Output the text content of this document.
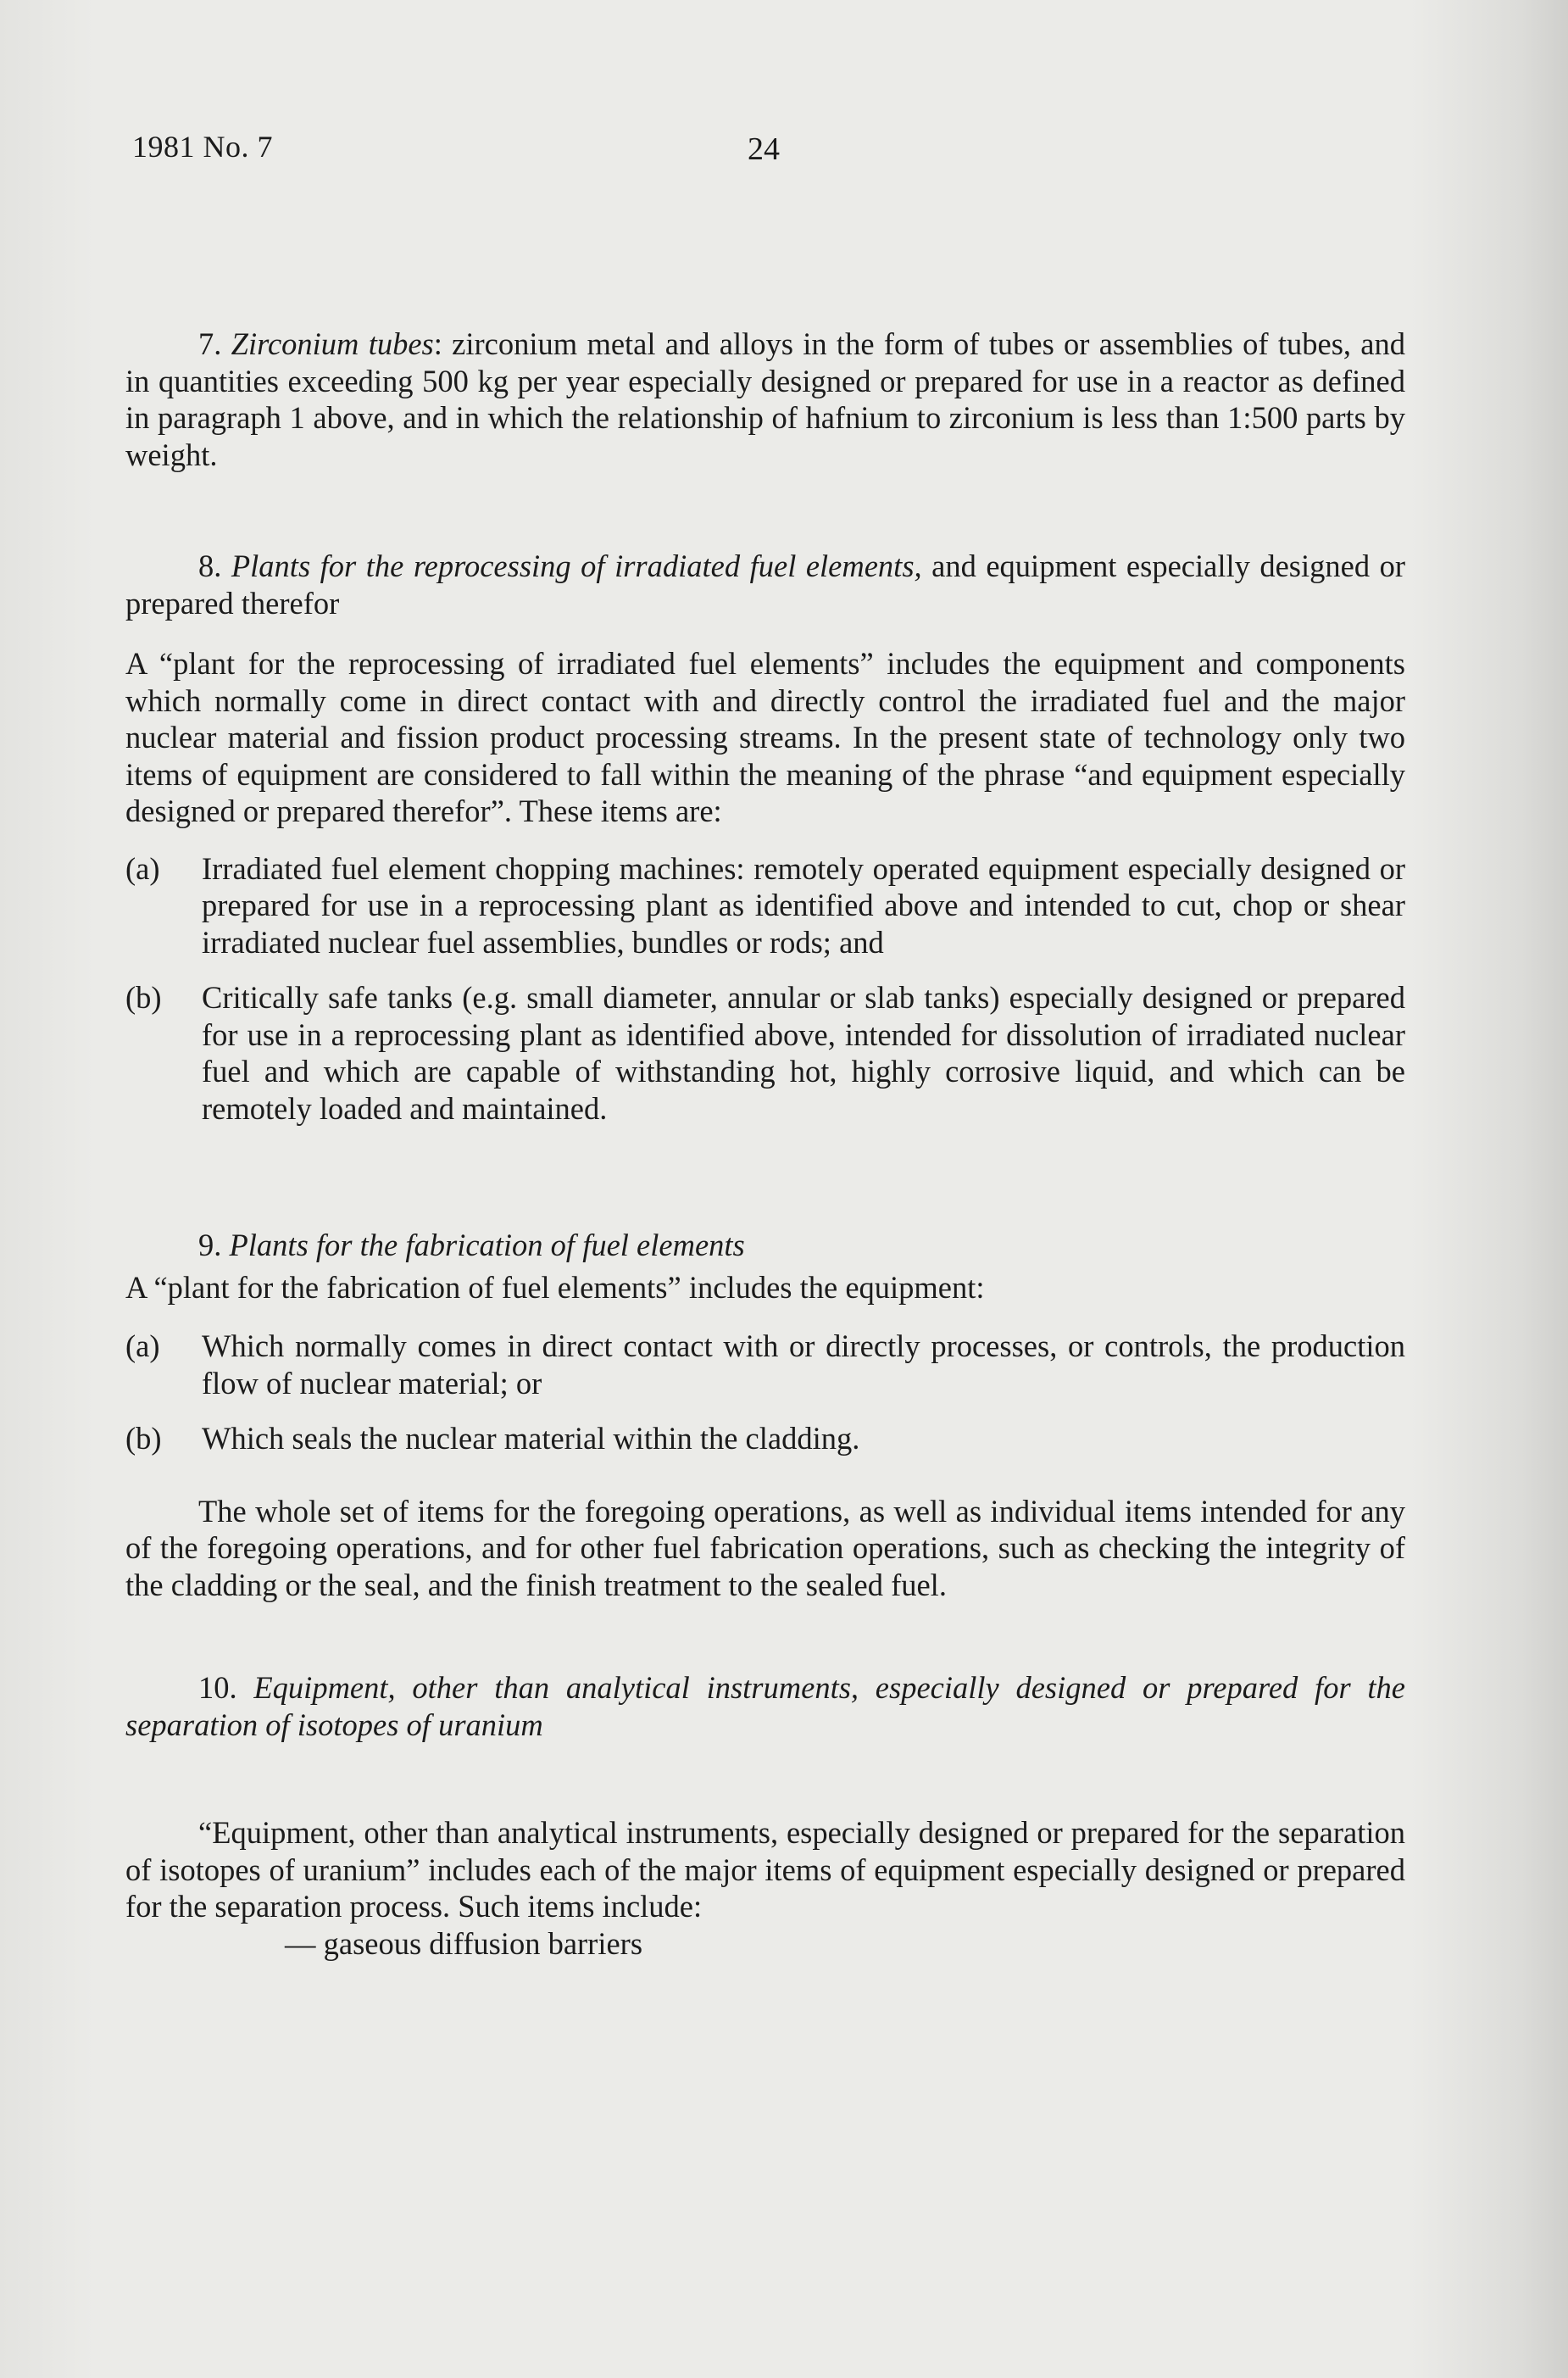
1981 No. 7	24

7. Zirconium tubes: zirconium metal and alloys in the form of tubes or assemblies of tubes, and in quantities exceeding 500 kg per year especially designed or prepared for use in a reactor as defined in paragraph 1 above, and in which the relationship of hafnium to zirconium is less than 1:500 parts by weight.

8. Plants for the reprocessing of irradiated fuel elements, and equipment especially designed or prepared therefor

A “plant for the reprocessing of irradiated fuel elements” includes the equipment and components which normally come in direct contact with and directly control the irradiated fuel and the major nuclear material and fission product processing streams. In the present state of technology only two items of equipment are considered to fall within the meaning of the phrase “and equipment especially designed or prepared therefor”. These items are:

(a)	Irradiated fuel element chopping machines: remotely operated equipment especially designed or prepared for use in a reprocessing plant as identified above and intended to cut, chop or shear irradiated nuclear fuel assemblies, bundles or rods; and
(b)	Critically safe tanks (e.g. small diameter, annular or slab tanks) especially designed or prepared for use in a reprocessing plant as identified above, intended for dissolution of irradiated nuclear fuel and which are capable of withstanding hot, highly corrosive liquid, and which can be remotely loaded and maintained.

9. Plants for the fabrication of fuel elements

A “plant for the fabrication of fuel elements” includes the equipment:

(a)	Which normally comes in direct contact with or directly processes, or controls, the production flow of nuclear material; or
(b)	Which seals the nuclear material within the cladding.

The whole set of items for the foregoing operations, as well as individual items intended for any of the foregoing operations, and for other fuel fabrication operations, such as checking the integrity of the cladding or the seal, and the finish treatment to the sealed fuel.

10. Equipment, other than analytical instruments, especially designed or prepared for the separation of isotopes of uranium

“Equipment, other than analytical instruments, especially designed or prepared for the separation of isotopes of uranium” includes each of the major items of equipment especially designed or prepared for the separation process. Such items include:

— gaseous diffusion barriers
